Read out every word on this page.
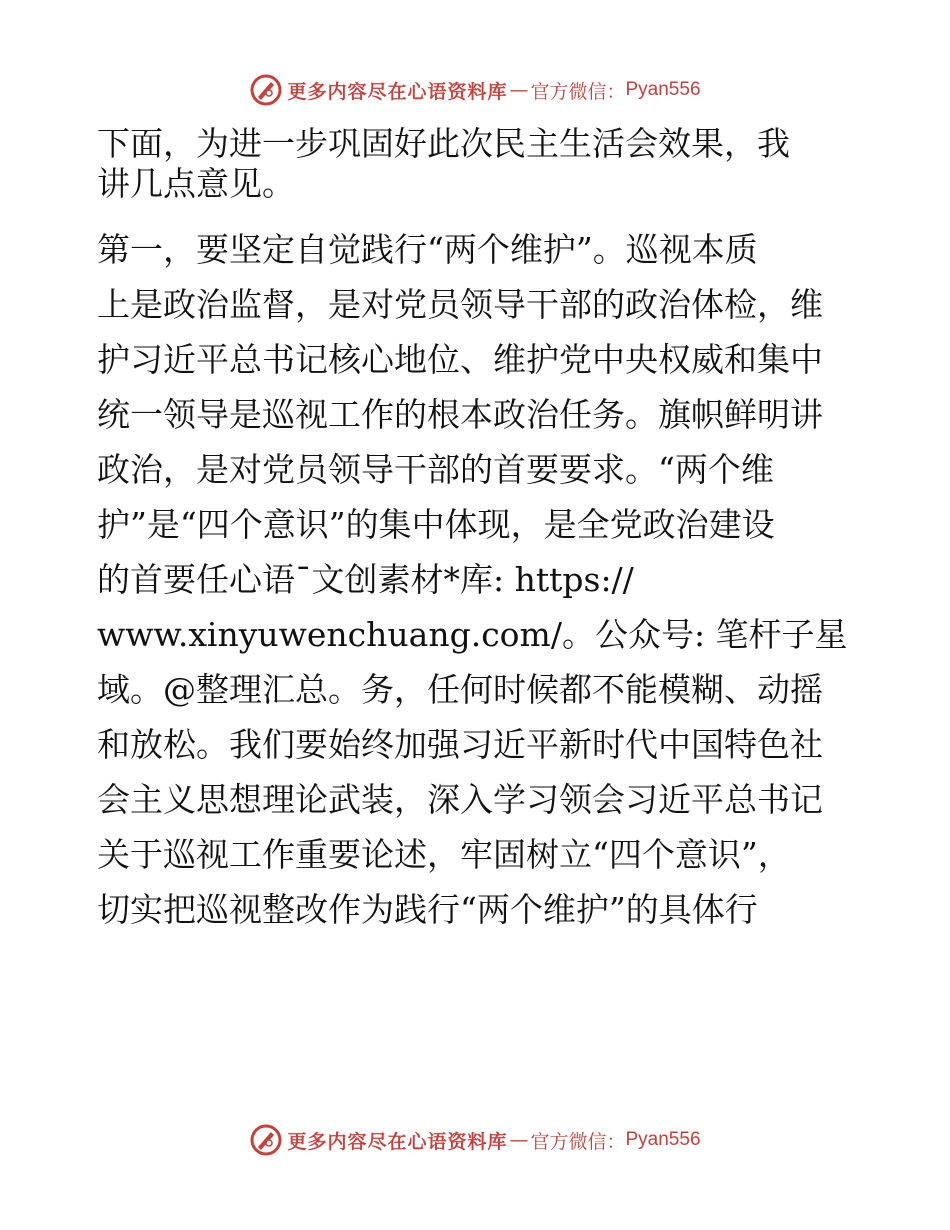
更多内容尽在心语资料库 — 官方微信： Pyan556
下面，为进一步巩固好此次民主生活会效果，我
讲几点意见。
第一，要坚定自觉践行“两个维护”。巡视本质
上是政治监督，是对党员领导干部的政治体检，维
护习近平总书记核心地位、维护党中央权威和集中
统一领导是巡视工作的根本政治任务。旗帜鲜明讲
政治，是对党员领导干部的首要要求。“两个维
护”是“四个意识”的集中体现，是全党政治建设
的首要任心语¯文创素材*库: https://
www.xinyuwenchuang.com/。公众号: 笔杆子星
域。@整理汇总。务，任何时候都不能模糊、动摇
和放松。我们要始终加强习近平新时代中国特色社
会主义思想理论武装，深入学习领会习近平总书记
关于巡视工作重要论述，牢固树立“四个意识”，
切实把巡视整改作为践行“两个维护”的具体行
更多内容尽在心语资料库 — 官方微信： Pyan556
